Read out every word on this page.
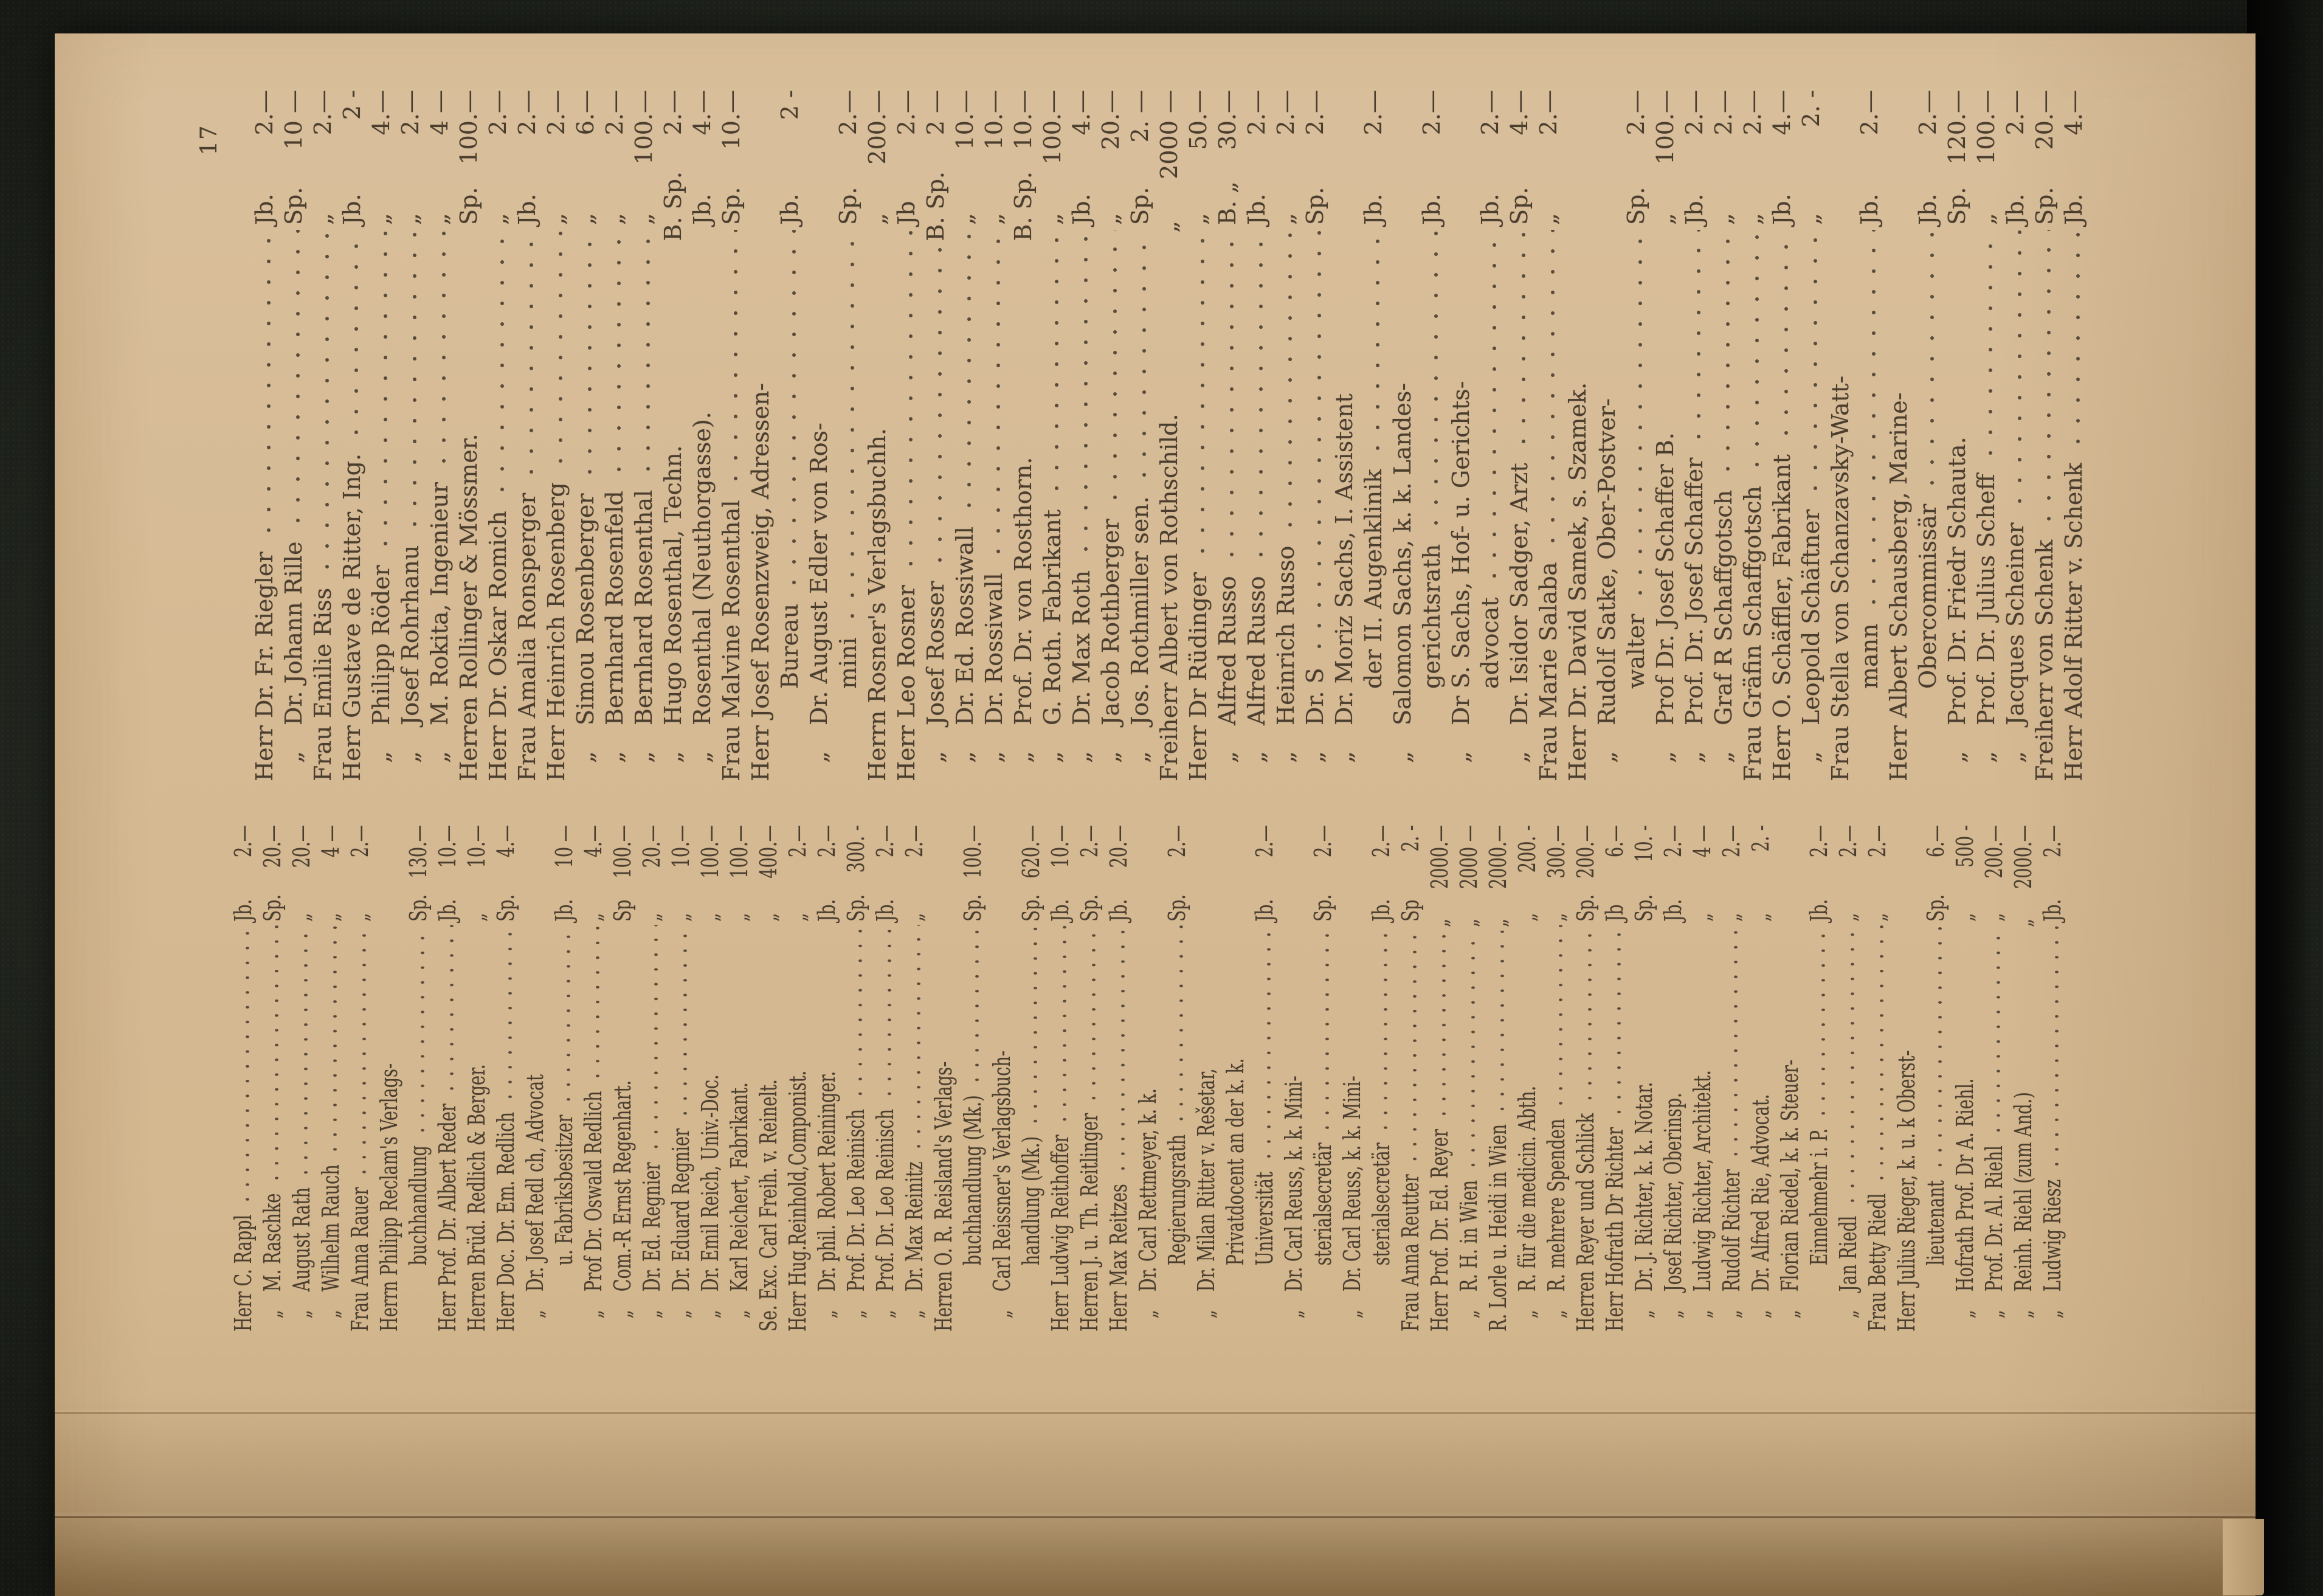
17
Herr C. Rappl
Jb.
2.—
„
M. Raschke
Sp.
20.—
„
August Rath
„
20.—
„
Wilhelm Rauch
„
4 —
Frau Anna Rauer
„
2.—
Herrn Philipp Reclam's Verlags- buchhandlung
Sp.
130.—
Herr Prof. Dr. Albert Reder
Jb.
10.—
Herren Brüd. Redlich & Berger.
„
10.—
Herr Doc. Dr. Em. Redlich
Sp.
4.—
„
Dr. Josef Redl ch, Advocat u. Fabriksbesitzer
Jb.
10 —
„
Prof Dr. Oswald Redlich
„
4.—
„
Com.-R Ernst Regenhart.
Sp
100.—
„
Dr. Ed. Regnier
„
20.—
„
Dr. Eduard Regnier
„
10.—
„
Dr. Emil Reich, Univ.-Doc.
„
100.—
„
Karl Reichert, Fabrikant.
„
100.—
Se. Exc. Carl Freih. v. Reinelt.
„
400.—
Herr Hug.Reinhold,Componist.
„
2.—
„
Dr. phil. Robert Reininger.
Jb.
2.—
„
Prof. Dr. Leo Reinisch
Sp.
300. -
„
Prof. Dr. Leo Reinisch
Jb.
2.—
„
Dr. Max Reinitz
„
2.—
Herren O. R. Reisland's Verlags- buchhandlung (Mk.)
Sp.
100.—
„
Carl Reissner's Verlagsbuch- handlung (Mk.)
Sp.
620.—
Herr Ludwig Reithoffer
Jb.
10.—
Herren J. u. Th. Reitlinger
Sp.
2.—
Herr Max Reitzes
Jb.
20.—
„
Dr. Carl Rettmeyer, k. k. Regierungsrath
Sp.
2.—
„
Dr. Milan Ritter v. Rešetar, Privatdocent an der k. k. Universität
Jb.
2.—
„
Dr. Carl Reuss, k. k. Mini- sterialsecretär
Sp.
2.—
„
Dr. Carl Reuss, k. k. Mini- sterialsecretär
Jb.
2.—
Frau Anna Reutter
Sp
2. -
Herr Prof. Dr. Ed. Reyer
„
2000.—
„
R. H. in Wien
„
2000 —
R. Lorle u. Heidi in Wien
„
2000.—
„
R. für die medicin. Abth.
„
200. -
„
R. mehrere Spenden
„
300.—
Herren Reyer und Schlick
Sp.
200.—
Herr Hofrath Dr Richter
Jb
6.—
„
Dr. J. Richter, k. k. Notar.
Sp.
10. -
„
Josef Richter, Oberinsp.
Jb.
2.—
„
Ludwig Richter, Architekt.
„
4 —
„
Rudolf Richter
„
2.—
„
Dr. Alfred Rie, Advocat.
„
2. -
„
Florian Riedel, k. k. Steuer- Einnehmehr i. P.
Jb.
2.—
„
Jan Riedl
„
2.—
Frau Betty Riedl
„
2.—
Herr Julius Rieger, k. u. k Oberst- lieutenant
Sp.
6.—
„
Hofrath Prof. Dr A. Riehl.
„
500 -
„
Prof. Dr. Al. Riehl
„
200.—
„
Reinh. Riehl (zum And.)
„
2000.—
„
Ludwig Riesz
Jb.
2.—
Herr Dr. Fr. Riegler
Jb.
2.—
„
Dr. Johann Rille
Sp.
10 —
Frau Emilie Riss
„
2.—
Herr Gustave de Ritter, Ing.
Jb.
2 -
„
Philipp Röder
„
4.—
„
Josef Rohrhanu
„
2.—
„
M. Rokita, Ingenieur
„
4 —
Herren Rollinger & Mössmer.
Sp.
100.—
Herr Dr. Oskar Romich
„
2.—
Frau Amalia Ronsperger
Jb.
2.—
Herr Heinrich Rosenberg
„
2.—
„
Simou Rosenberger
„
6.—
„
Bernhard Rosenfeld
„
2.—
„
Bernhard Rosenthal
„
100.—
„
Hugo Rosenthal, Techn.
B. Sp.
2.—
„
Rosenthal (Neuthorgasse).
Jb.
4.—
Frau Malvine Rosenthal
Sp.
10.—
Herr Josef Rosenzweig, Adressen- Bureau
Jb.
2 -
„
Dr. August Edler von Ros- mini
Sp.
2.—
Herrn Rosner's Verlagsbuchh.
„
200.—
Herr Leo Rosner
Jb
2.—
„
Josef Rosser
B. Sp.
2 —
„
Dr. Ed. Rossiwall
„
10.—
„
Dr. Rossiwall
„
10.—
„
Prof. Dr. von Rosthorn.
B. Sp.
10.—
„
G. Roth. Fabrikant
„
100.—
„
Dr. Max Roth
Jb.
4.—
„
Jacob Rothberger
„
20.—
„
Jos. Rothmiller sen.
Sp.
2. —
Freiherr Albert von Rothschild.
„
2000 —
Herr Dr Rüdinger
„
50.—
„
Alfred Russo
B. „
30.—
„
Alfred Russo
Jb.
2.—
„
Heinrich Russo
„
2.—
„
Dr. S
Sp.
2.—
„
Dr. Moriz Sachs, I. Assistent der II. Augenklinik
Jb.
2.—
„
Salomon Sachs, k. k. Landes- gerichtsrath
Jb.
2.—
„
Dr S. Sachs, Hof- u. Gerichts- advocat
Jb.
2.—
„
Dr. Isidor Sadger, Arzt
Sp.
4.—
Frau Marie Salaba
„
2.—
Herr Dr. David Samek, s. Szamek. „
Rudolf Satke, Ober-Postver- walter
Sp.
2.—
„
Prof Dr. Josef Schaffer B.
„
100.—
„
Prof. Dr. Josef Schaffer
Jb.
2.—
„
Graf R Schaffgotsch
„
2.—
Frau Gräfin Schaffgotsch
„
2.—
Herr O. Schäffler, Fabrikant
Jb.
4.—
„
Leopold Schäftner
„
2. -
Frau Stella von Schanzavsky-Watt- mann
Jb.
2.—
Herr Albert Schausberg, Marine- Obercommissär
Jb.
2.—
„
Prof. Dr. Friedr Schauta.
Sp.
120.—
„
Prof. Dr. Julius Scheff
„
100.—
„
Jacques Scheiner
Jb.
2.—
Freiherr von Schenk
Sp.
20.—
Herr Adolf Ritter v. Schenk
Jb.
4.—
